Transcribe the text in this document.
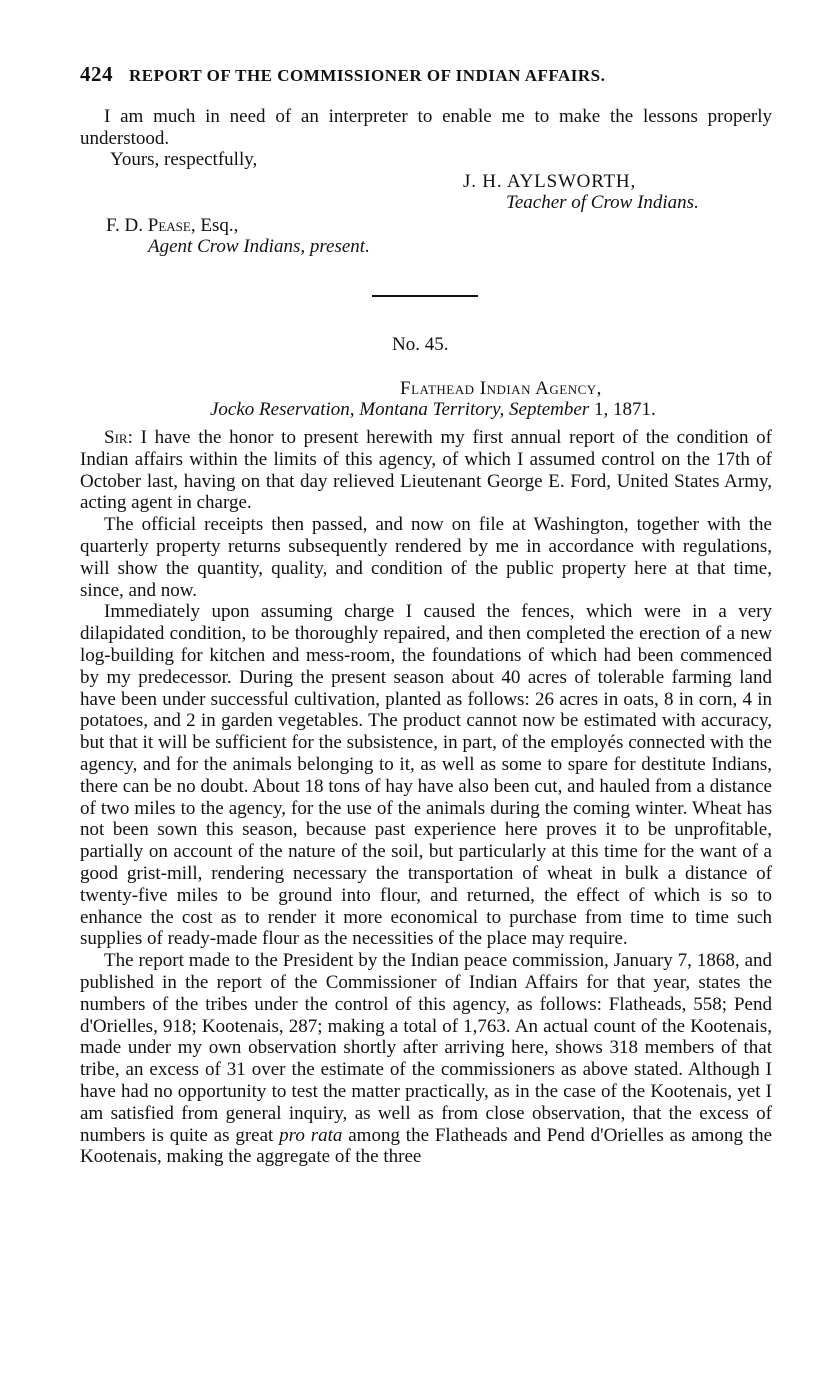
424 REPORT OF THE COMMISSIONER OF INDIAN AFFAIRS.

I am much in need of an interpreter to enable me to make the lessons properly understood.

Yours, respectfully,
J. H. AYLSWORTH,
Teacher of Crow Indians.
F. D. Pease, Esq.,
Agent Crow Indians, present.
No. 45.
Flathead Indian Agency,
Jocko Reservation, Montana Territory, September 1, 1871.

Sir: I have the honor to present herewith my first annual report of the condition of Indian affairs within the limits of this agency, of which I assumed control on the 17th of October last, having on that day relieved Lieutenant George E. Ford, United States Army, acting agent in charge.

The official receipts then passed, and now on file at Washington, together with the quarterly property returns subsequently rendered by me in accordance with regulations, will show the quantity, quality, and condition of the public property here at that time, since, and now.

Immediately upon assuming charge I caused the fences, which were in a very dilapidated condition, to be thoroughly repaired, and then completed the erection of a new log-building for kitchen and mess-room, the foundations of which had been commenced by my predecessor. During the present season about 40 acres of tolerable farming land have been under successful cultivation, planted as follows: 26 acres in oats, 8 in corn, 4 in potatoes, and 2 in garden vegetables. The product cannot now be estimated with accuracy, but that it will be sufficient for the subsistence, in part, of the employés connected with the agency, and for the animals belonging to it, as well as some to spare for destitute Indians, there can be no doubt. About 18 tons of hay have also been cut, and hauled from a distance of two miles to the agency, for the use of the animals during the coming winter. Wheat has not been sown this season, because past experience here proves it to be unprofitable, partially on account of the nature of the soil, but particularly at this time for the want of a good grist-mill, rendering necessary the transportation of wheat in bulk a distance of twenty-five miles to be ground into flour, and returned, the effect of which is so to enhance the cost as to render it more economical to purchase from time to time such supplies of ready-made flour as the necessities of the place may require.

The report made to the President by the Indian peace commission, January 7, 1868, and published in the report of the Commissioner of Indian Affairs for that year, states the numbers of the tribes under the control of this agency, as follows: Flatheads, 558; Pend d'Orielles, 918; Kootenais, 287; making a total of 1,763. An actual count of the Kootenais, made under my own observation shortly after arriving here, shows 318 members of that tribe, an excess of 31 over the estimate of the commissioners as above stated. Although I have had no opportunity to test the matter practically, as in the case of the Kootenais, yet I am satisfied from general inquiry, as well as from close observation, that the excess of numbers is quite as great pro rata among the Flatheads and Pend d'Orielles as among the Kootenais, making the aggregate of the three
